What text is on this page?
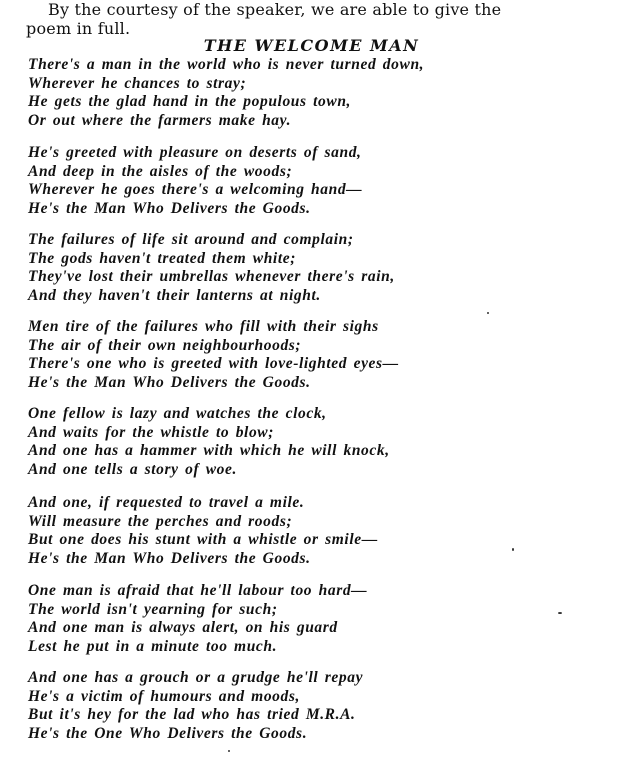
By the courtesy of the speaker, we are able to give the
poem in full.

THE WELCOME MAN
There's a man in the world who is never turned down,
Wherever he chances to stray;
He gets the glad hand in the populous town,
Or out where the farmers make hay.
He's greeted with pleasure on deserts of sand,
And deep in the aisles of the woods;
Wherever he goes there's a welcoming hand—
He's the Man Who Delivers the Goods.
The failures of life sit around and complain;
The gods haven't treated them white;
They've lost their umbrellas whenever there's rain,
And they haven't their lanterns at night.
Men tire of the failures who fill with their sighs
The air of their own neighbourhoods;
There's one who is greeted with love-lighted eyes—
He's the Man Who Delivers the Goods.
One fellow is lazy and watches the clock,
And waits for the whistle to blow;
And one has a hammer with which he will knock,
And one tells a story of woe.
And one, if requested to travel a mile.
Will measure the perches and roods;
But one does his stunt with a whistle or smile—
He's the Man Who Delivers the Goods.
One man is afraid that he'll labour too hard—
The world isn't yearning for such;
And one man is always alert, on his guard
Lest he put in a minute too much.
And one has a grouch or a grudge he'll repay
He's a victim of humours and moods,
But it's hey for the lad who has tried M.R.A.
He's the One Who Delivers the Goods.
